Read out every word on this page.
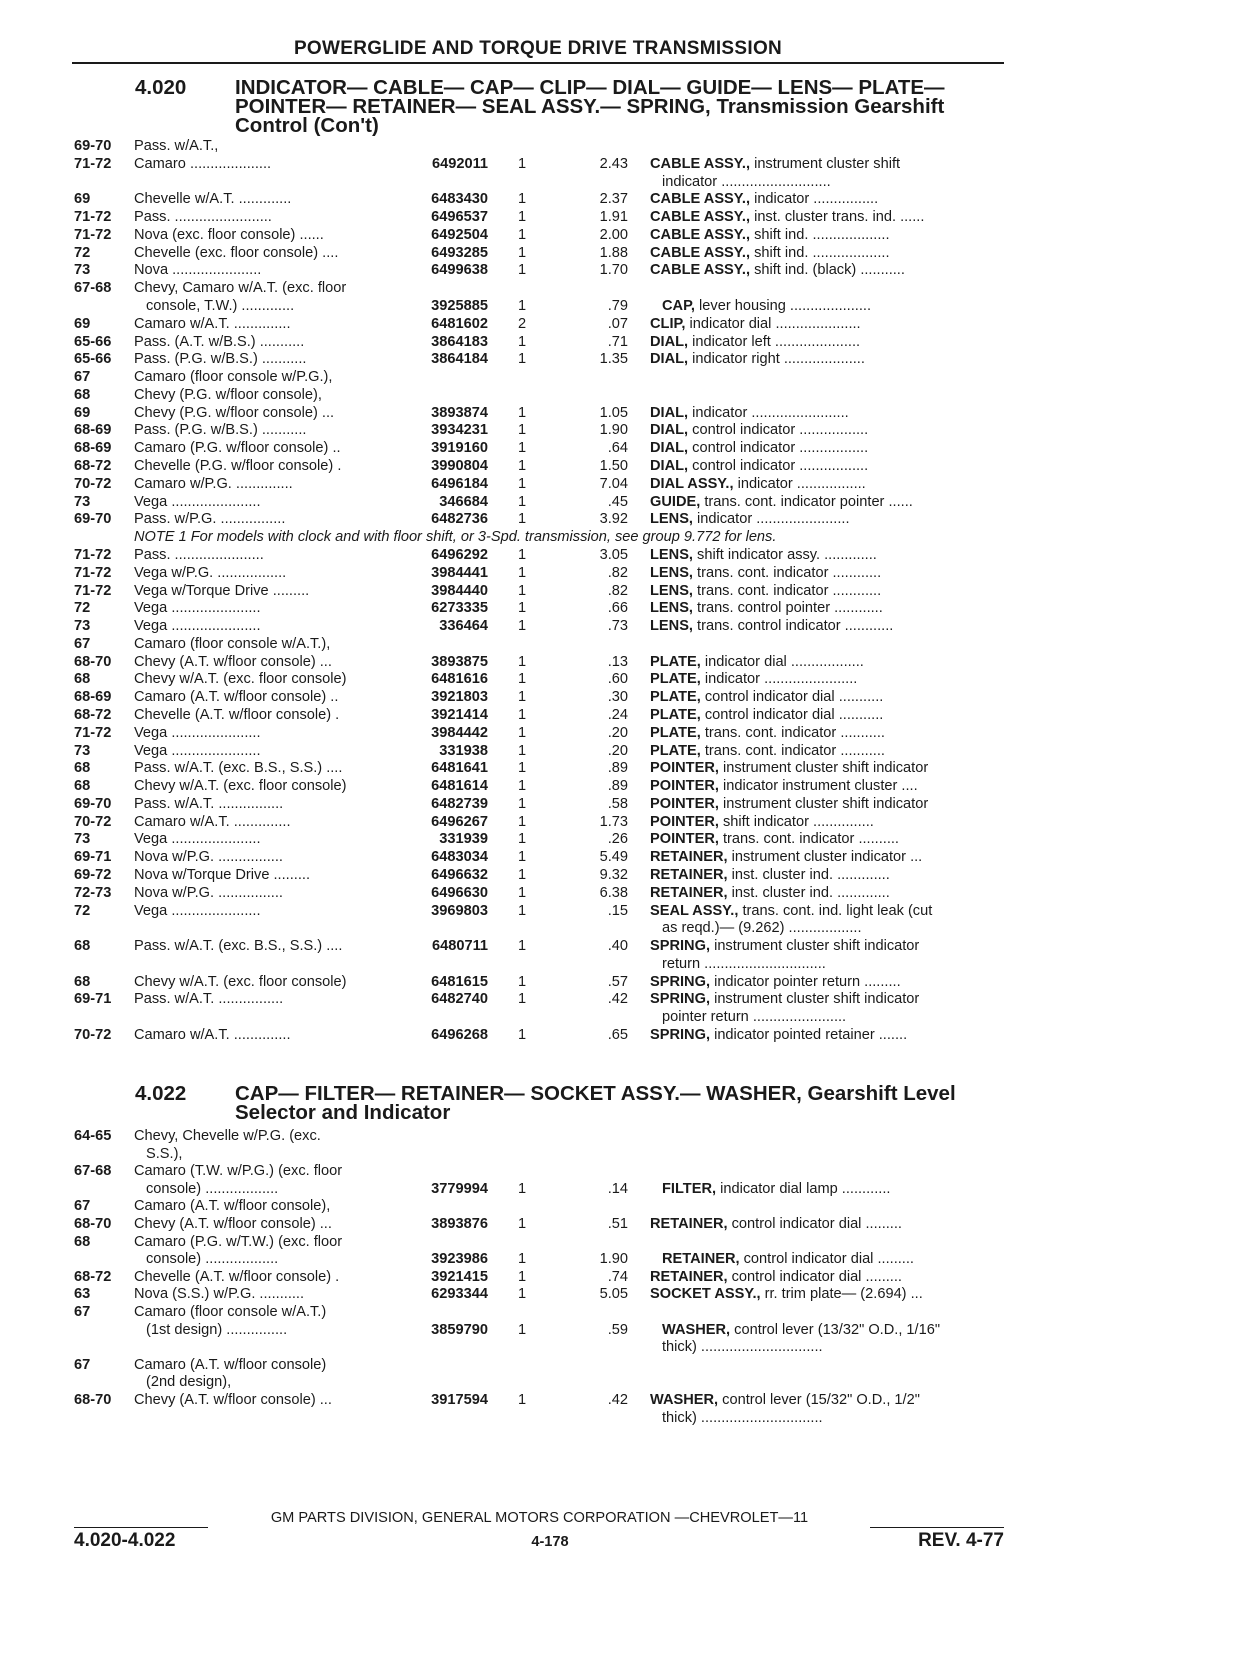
POWERGLIDE AND TORQUE DRIVE TRANSMISSION
4.020	INDICATOR— CABLE— CAP— CLIP— DIAL— GUIDE— LENS— PLATE—
POINTER— RETAINER— SEAL ASSY.— SPRING, Transmission Gearshift
Control (Con't)
69-70	Pass. w/A.T.,
71-72	Camaro ....................	6492011 1	2.43 CABLE ASSY., instrument cluster shift
indicator ...........................
69	Chevelle w/A.T. .............	6483430 1	2.37 CABLE ASSY., indicator ................
71-72	Pass. ........................	6496537 1	1.91 CABLE ASSY., inst. cluster trans. ind. ......
71-72	Nova (exc. floor console) ......	6492504 1	2.00 CABLE ASSY., shift ind. ...................
72	Chevelle (exc. floor console) ....	6493285 1	1.88 CABLE ASSY., shift ind. ...................
73	Nova ......................	6499638 1	1.70 CABLE ASSY., shift ind. (black) ...........
67-68	Chevy, Camaro w/A.T. (exc. floor
console, T.W.) .............	3925885 1	.79 CAP, lever housing ....................
69	Camaro w/A.T. ..............	6481602 2	.07 CLIP, indicator dial .....................
65-66	Pass. (A.T. w/B.S.) ...........	3864183 1	.71 DIAL, indicator left .....................
65-66	Pass. (P.G. w/B.S.) ...........	3864184 1	1.35 DIAL, indicator right ....................
67	Camaro (floor console w/P.G.),
68	Chevy (P.G. w/floor console),
69	Chevy (P.G. w/floor console) ...	3893874 1	1.05 DIAL, indicator ........................
68-69	Pass. (P.G. w/B.S.) ...........	3934231 1	1.90 DIAL, control indicator .................
68-69	Camaro (P.G. w/floor console) ..	3919160 1	.64 DIAL, control indicator .................
68-72	Chevelle (P.G. w/floor console) .	3990804 1	1.50 DIAL, control indicator .................
70-72	Camaro w/P.G. ..............	6496184 1	7.04 DIAL ASSY., indicator .................
73	Vega ......................	346684 1	.45 GUIDE, trans. cont. indicator pointer ......
69-70	Pass. w/P.G. ................	6482736 1	3.92 LENS, indicator .......................
NOTE 1 For models with clock and with floor shift, or 3-Spd. transmission, see group 9.772 for lens.
71-72	Pass. ......................	6496292 1	3.05 LENS, shift indicator assy. .............
71-72	Vega w/P.G. .................	3984441 1	.82 LENS, trans. cont. indicator ............
71-72	Vega w/Torque Drive .........	3984440 1	.82 LENS, trans. cont. indicator ............
72	Vega ......................	6273335 1	.66 LENS, trans. control pointer ............
73	Vega ......................	336464 1	.73 LENS, trans. control indicator ............
67	Camaro (floor console w/A.T.),
68-70	Chevy (A.T. w/floor console) ...	3893875 1	.13 PLATE, indicator dial ..................
68	Chevy w/A.T. (exc. floor console)	6481616 1	.60 PLATE, indicator .......................
68-69	Camaro (A.T. w/floor console) ..	3921803 1	.30 PLATE, control indicator dial ...........
68-72	Chevelle (A.T. w/floor console) .	3921414 1	.24 PLATE, control indicator dial ...........
71-72	Vega ......................	3984442 1	.20 PLATE, trans. cont. indicator ...........
73	Vega ......................	331938 1	.20 PLATE, trans. cont. indicator ...........
68	Pass. w/A.T. (exc. B.S., S.S.) ....	6481641 1	.89 POINTER, instrument cluster shift indicator
68	Chevy w/A.T. (exc. floor console)	6481614 1	.89 POINTER, indicator instrument cluster ....
69-70	Pass. w/A.T. ................	6482739 1	.58 POINTER, instrument cluster shift indicator
70-72	Camaro w/A.T. ..............	6496267 1	1.73 POINTER, shift indicator ...............
73	Vega ......................	331939 1	.26 POINTER, trans. cont. indicator ..........
69-71	Nova w/P.G. ................	6483034 1	5.49 RETAINER, instrument cluster indicator ...
69-72	Nova w/Torque Drive .........	6496632 1	9.32 RETAINER, inst. cluster ind. .............
72-73	Nova w/P.G. ................	6496630 1	6.38 RETAINER, inst. cluster ind. .............
72	Vega ......................	3969803 1	.15 SEAL ASSY., trans. cont. ind. light leak (cut
as reqd.)— (9.262) ..................
68	Pass. w/A.T. (exc. B.S., S.S.) ....	6480711 1	.40 SPRING, instrument cluster shift indicator
return ..............................
68	Chevy w/A.T. (exc. floor console)	6481615 1	.57 SPRING, indicator pointer return .........
69-71	Pass. w/A.T. ................	6482740 1	.42 SPRING, instrument cluster shift indicator
pointer return .......................
70-72	Camaro w/A.T. ..............	6496268 1	.65 SPRING, indicator pointed retainer .......
4.022	CAP— FILTER— RETAINER— SOCKET ASSY.— WASHER, Gearshift Level
Selector and Indicator
64-65	Chevy, Chevelle w/P.G. (exc.
S.S.),
67-68	Camaro (T.W. w/P.G.) (exc. floor
console) ..................	3779994 1	.14 FILTER, indicator dial lamp ............
67	Camaro (A.T. w/floor console),
68-70	Chevy (A.T. w/floor console) ...	3893876 1	.51 RETAINER, control indicator dial .........
68	Camaro (P.G. w/T.W.) (exc. floor
console) ..................	3923986 1	1.90 RETAINER, control indicator dial .........
68-72	Chevelle (A.T. w/floor console) .	3921415 1	.74 RETAINER, control indicator dial .........
63	Nova (S.S.) w/P.G. ...........	6293344 1	5.05 SOCKET ASSY., rr. trim plate— (2.694) ...
67	Camaro (floor console w/A.T.)
(1st design) ...............	3859790 1	.59 WASHER, control lever (13/32" O.D., 1/16"
thick) ..............................
67	Camaro (A.T. w/floor console)
(2nd design),
68-70	Chevy (A.T. w/floor console) ...	3917594 1	.42 WASHER, control lever (15/32" O.D., 1/2"
thick) ..............................
GM PARTS DIVISION, GENERAL MOTORS CORPORATION —CHEVROLET—11
4.020-4.022	4-178	REV. 4-77
